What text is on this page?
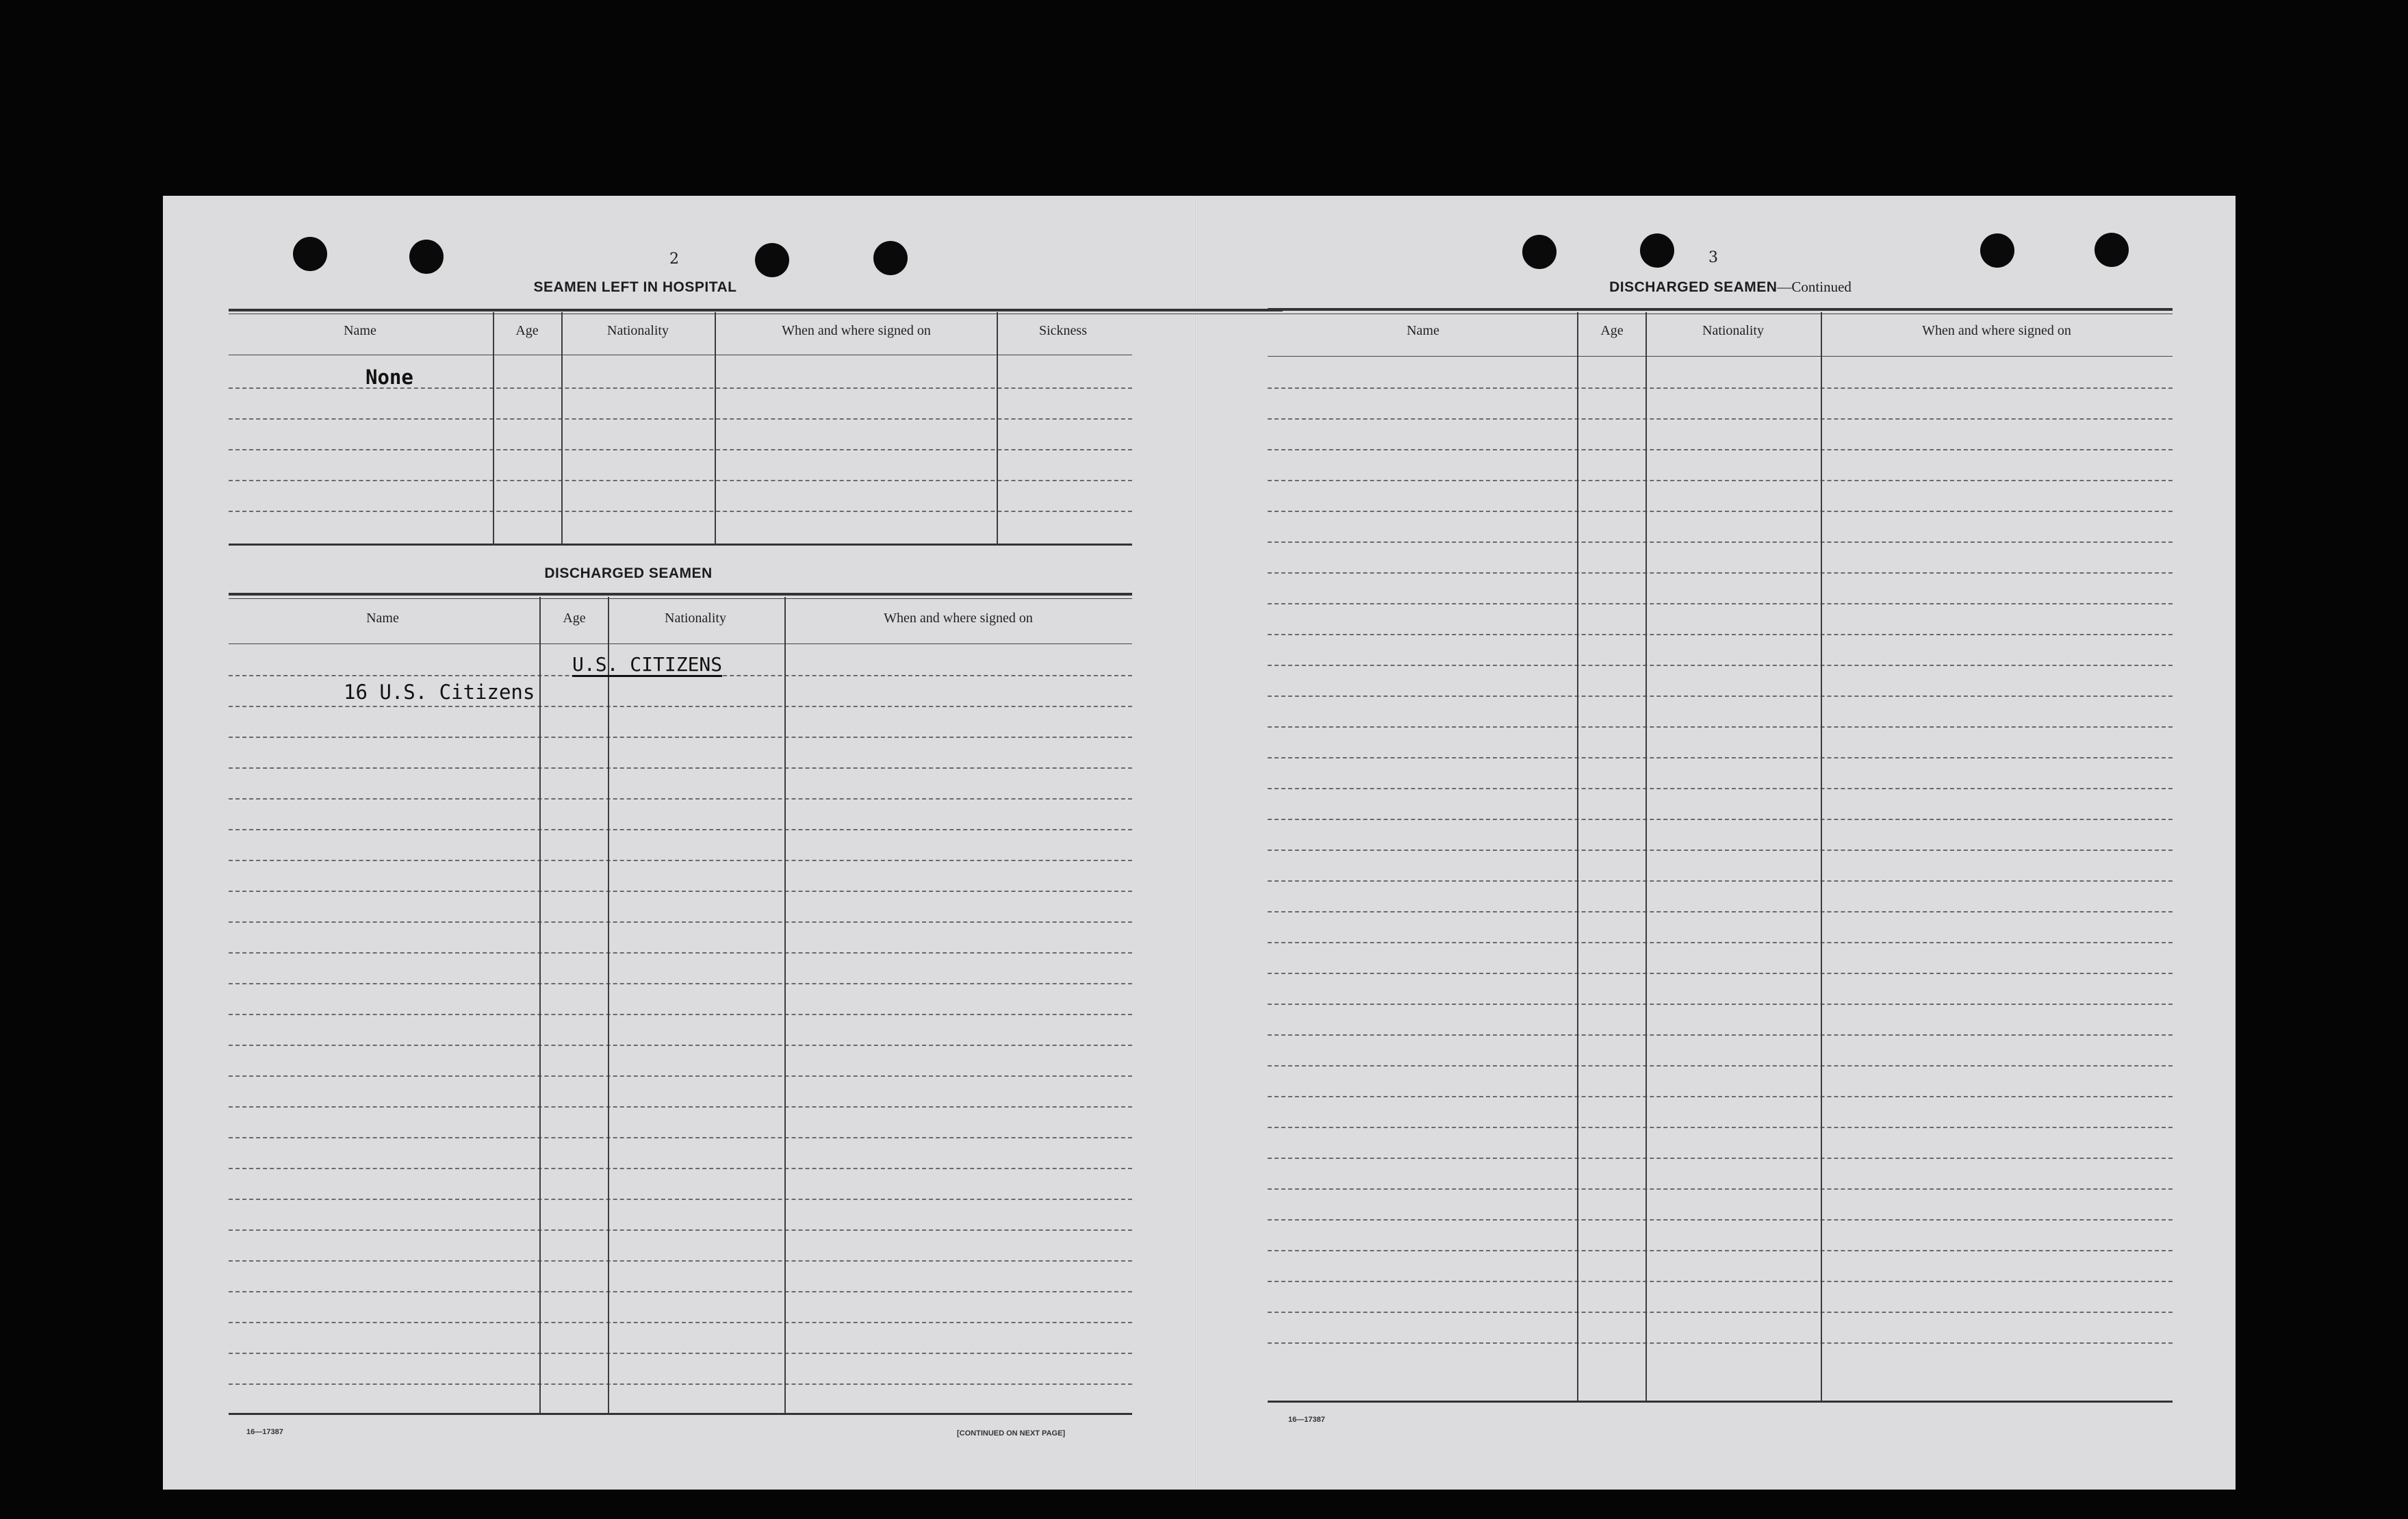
2
SEAMEN LEFT IN HOSPITAL
Name	Age	Nationality	When and where signed on	Sickness
None
DISCHARGED SEAMEN
Name	Age	Nationality	When and where signed on
U.S. CITIZENS
16 U.S. Citizens
16—17387	[CONTINUED ON NEXT PAGE]
3
DISCHARGED SEAMEN—Continued
Name	Age	Nationality	When and where signed on
16—17387
